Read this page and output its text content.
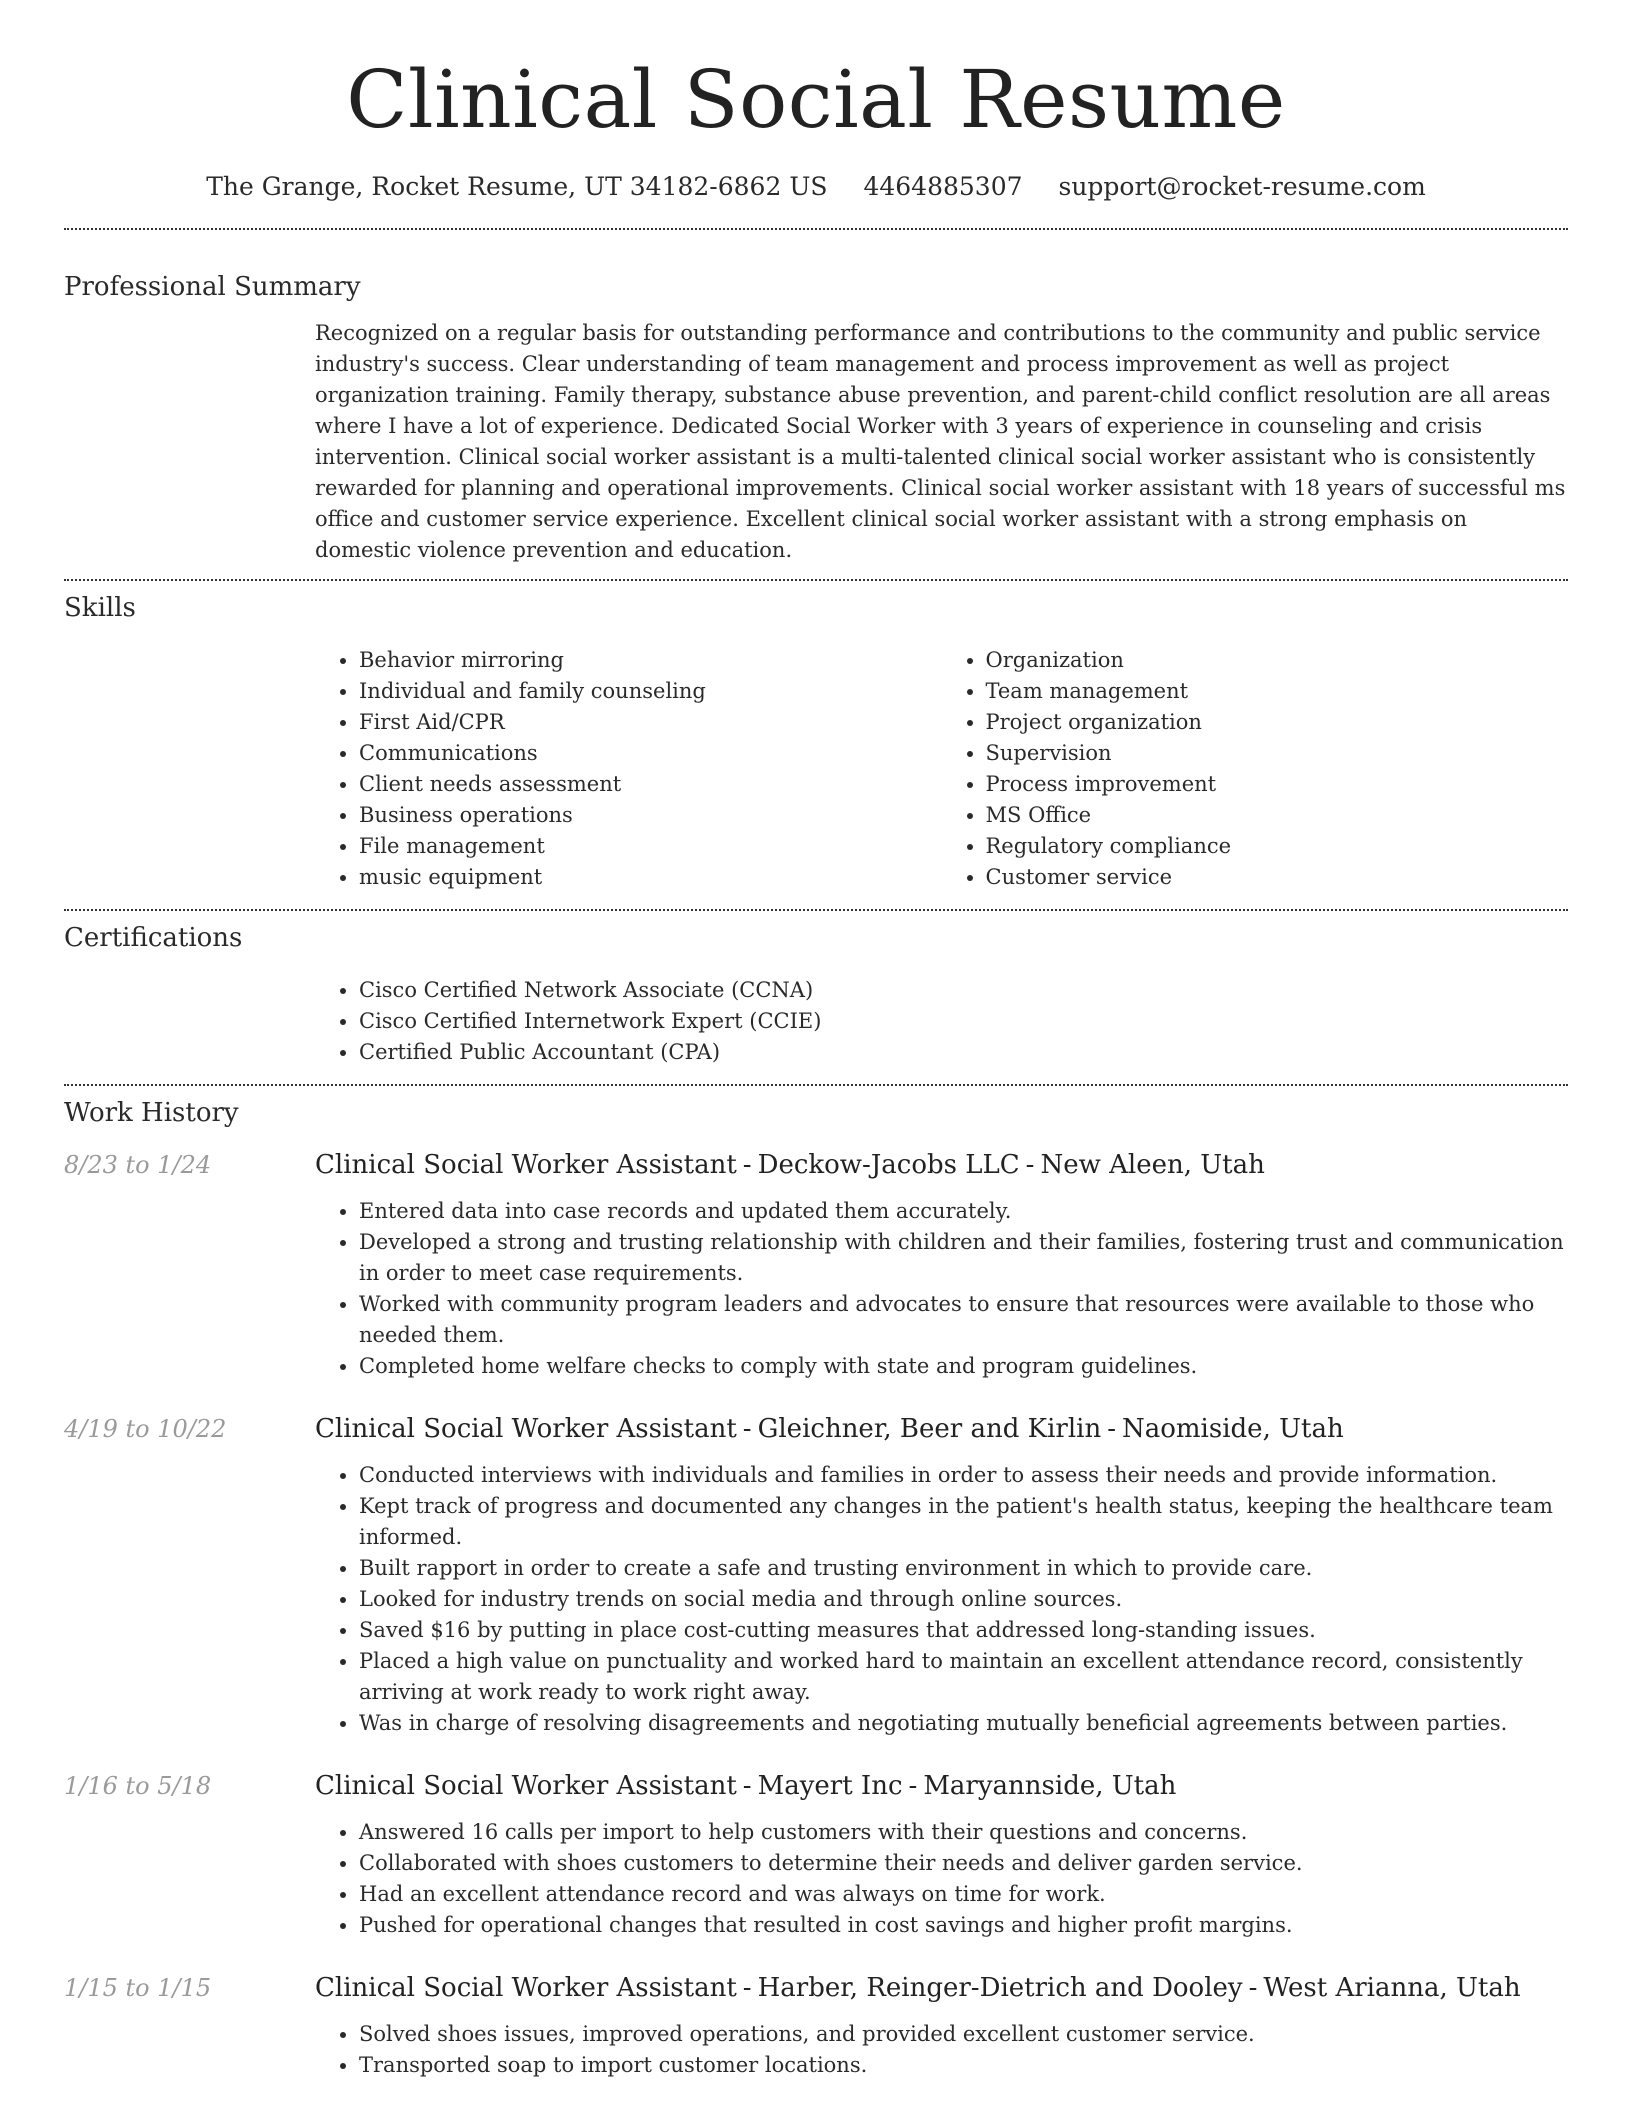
Clinical Social Resume
The Grange, Rocket Resume, UT 34182-6862 US 4464885307 support@rocket-resume.com
Professional Summary
Recognized on a regular basis for outstanding performance and contributions to the community and public service industry's success. Clear understanding of team management and process improvement as well as project organization training. Family therapy, substance abuse prevention, and parent-child conflict resolution are all areas where I have a lot of experience. Dedicated Social Worker with 3 years of experience in counseling and crisis intervention. Clinical social worker assistant is a multi-talented clinical social worker assistant who is consistently rewarded for planning and operational improvements. Clinical social worker assistant with 18 years of successful ms office and customer service experience. Excellent clinical social worker assistant with a strong emphasis on domestic violence prevention and education.
Skills
• Behavior mirroring
• Individual and family counseling
• First Aid/CPR
• Communications
• Client needs assessment
• Business operations
• File management
• music equipment
• Organization
• Team management
• Project organization
• Supervision
• Process improvement
• MS Office
• Regulatory compliance
• Customer service
Certifications
• Cisco Certified Network Associate (CCNA)
• Cisco Certified Internetwork Expert (CCIE)
• Certified Public Accountant (CPA)
Work History
8/23 to 1/24	Clinical Social Worker Assistant - Deckow-Jacobs LLC - New Aleen, Utah
• Entered data into case records and updated them accurately.
• Developed a strong and trusting relationship with children and their families, fostering trust and communication in order to meet case requirements.
• Worked with community program leaders and advocates to ensure that resources were available to those who needed them.
• Completed home welfare checks to comply with state and program guidelines.
4/19 to 10/22	Clinical Social Worker Assistant - Gleichner, Beer and Kirlin - Naomiside, Utah
• Conducted interviews with individuals and families in order to assess their needs and provide information.
• Kept track of progress and documented any changes in the patient's health status, keeping the healthcare team informed.
• Built rapport in order to create a safe and trusting environment in which to provide care.
• Looked for industry trends on social media and through online sources.
• Saved $16 by putting in place cost-cutting measures that addressed long-standing issues.
• Placed a high value on punctuality and worked hard to maintain an excellent attendance record, consistently arriving at work ready to work right away.
• Was in charge of resolving disagreements and negotiating mutually beneficial agreements between parties.
1/16 to 5/18	Clinical Social Worker Assistant - Mayert Inc - Maryannside, Utah
• Answered 16 calls per import to help customers with their questions and concerns.
• Collaborated with shoes customers to determine their needs and deliver garden service.
• Had an excellent attendance record and was always on time for work.
• Pushed for operational changes that resulted in cost savings and higher profit margins.
1/15 to 1/15	Clinical Social Worker Assistant - Harber, Reinger-Dietrich and Dooley - West Arianna, Utah
• Solved shoes issues, improved operations, and provided excellent customer service.
• Transported soap to import customer locations.
